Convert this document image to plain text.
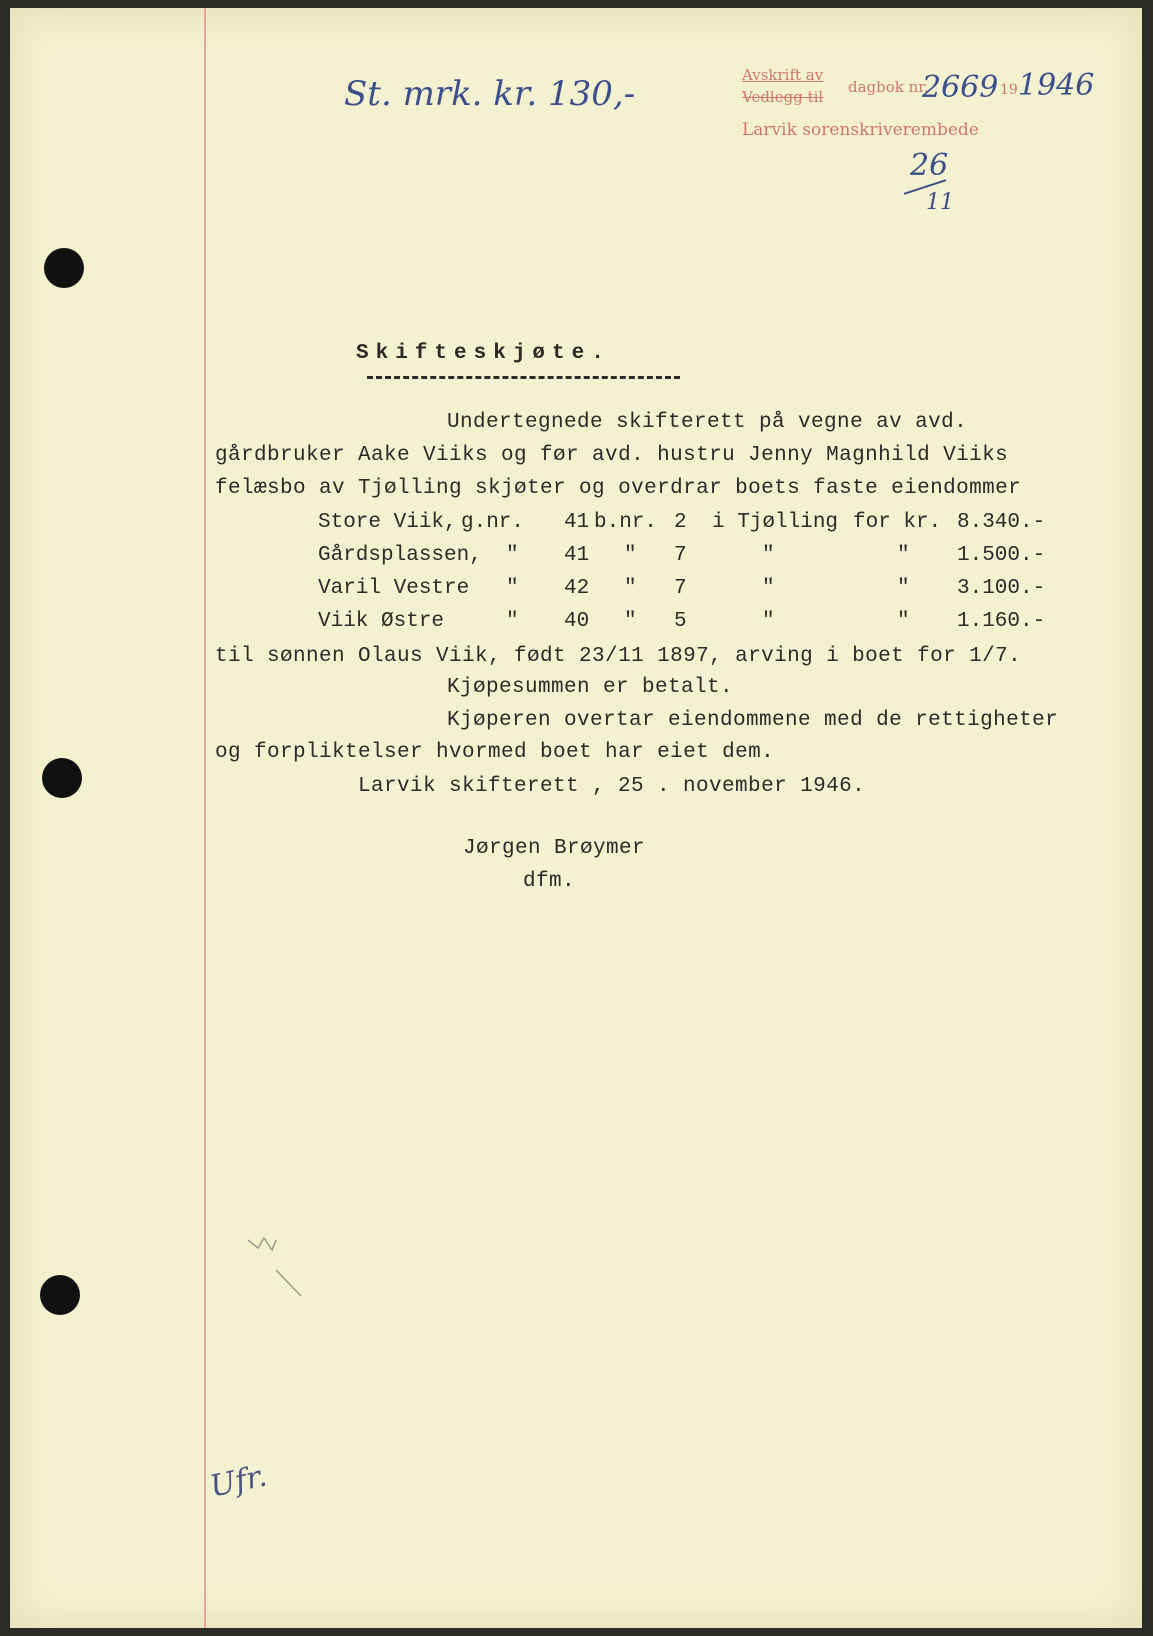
St. mrk. kr. 130,-	Avskrift av
Vedlegg til
dagbok nr.
2669 19 1946
Larvik sorenskriverembede
26
11
Skifteskjøte.
Undertegnede skifterett på vegne av avd.
gårdbruker Aake Viiks og før avd. hustru Jenny Magnhild Viiks
felæsbo av Tjølling skjøter og overdrar boets faste eiendommer
Store Viik, g.nr. 41 b.nr. 2 i Tjølling for kr. 8.340.-
Gårdsplassen, " 41 " 7	"	" 1.500.-
Varil Vestre " 42 " 7	"	" 3.100.-
Viik Østre	" 40 " 5	"	" 1.160.-
til sønnen Olaus Viik, født 23/11 1897, arving i boet for 1/7.
Kjøpesummen er betalt.
Kjøperen overtar eiendommene med de rettigheter
og forpliktelser hvormed boet har eiet dem.
Larvik skifterett , 25 . november 1946.
Jørgen Brøymer
dfm.
Ufr.
